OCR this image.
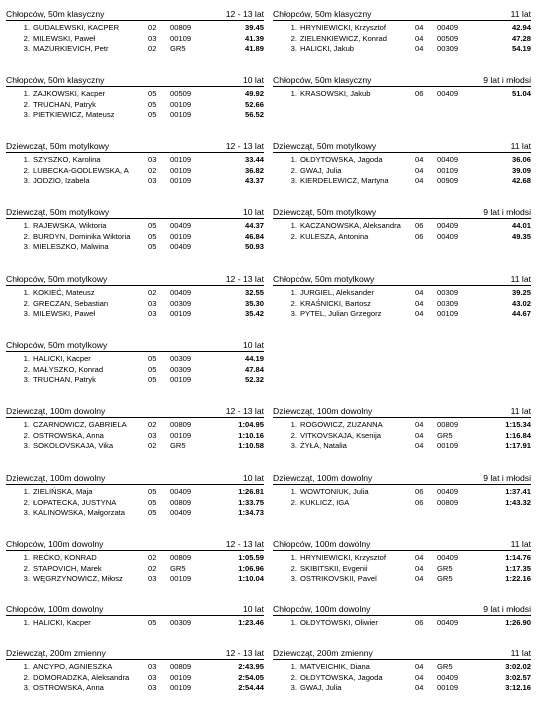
Chłopców, 50m klasyczny	12 - 13 lat
1. GUDALEWSKI, KACPER	02 00809	39.45
2. MILEWSKI, Paweł	03 00109	41.39
3. MAZURKIEVICH, Petr	02 GR5	41.89
Chłopców, 50m klasyczny	11 lat
1. HRYNIEWICKI, Krzysztof	04 00409	42.94
2. ZIELENKIEWICZ, Konrad	04 00509	47.28
3. HALICKI, Jakub	04 00309	54.19
Chłopców, 50m klasyczny	10 lat
1. ZAJKOWSKI, Kacper	05 00509	49.92
2. TRUCHAN, Patryk	05 00109	52.66
3. PIETKIEWICZ, Mateusz	05 00109	56.52
Chłopców, 50m klasyczny	9 lat i młodsi
1. KRASOWSKI, Jakub	06 00409	51.04
Dziewcząt, 50m motylkowy	12 - 13 lat
1. SZYSZKO, Karolina	03 00109	33.44
2. LUBECKA-GODLEWSKA, A	02 00109	36.82
3. JODZIO, Izabela	03 00109	43.37
Dziewcząt, 50m motylkowy	11 lat
1. OŁDYTOWSKA, Jagoda	04 00409	36.06
2. GWAJ, Julia	04 00109	39.09
3. KIERDELEWICZ, Martyna	04 00909	42.68
Dziewcząt, 50m motylkowy	10 lat
1. RAJEWSKA, Wiktoria	05 00409	44.37
2. BURDYN, Dominika Wiktoria 05 00109	46.84
3. MIELESZKO, Malwina	05 00409	50.93
Dziewcząt, 50m motylkowy	9 lat i młodsi
1. KACZANOWSKA, Aleksandra 06 00409	44.01
2. KULESZA, Antonina	06 00409	49.35
Chłopców, 50m motylkowy	12 - 13 lat
1. KOKIEĆ, Mateusz	02 00409	32.55
2. GRECZAN, Sebastian	03 00309	35.30
3. MILEWSKI, Paweł	03 00109	35.42
Chłopców, 50m motylkowy	11 lat
1. JURGIEL, Aleksander	04 00309	39.25
2. KRAŚNICKI, Bartosz	04 00309	43.02
3. PYTEL, Julian Grzegorz	04 00109	44.67
Chłopców, 50m motylkowy	10 lat
1. HALICKI, Kacper	05 00309	44.19
2. MAŁYSZKO, Konrad	05 00309	47.84
3. TRUCHAN, Patryk	05 00109	52.32
Dziewcząt, 100m dowolny	12 - 13 lat
1. CZARNOWICZ, GABRIELA	02 00809	1:04.95
2. OSTROWSKA, Anna	03 00109	1:10.16
3. SOKOLOVSKAJA, Vika	02 GR5	1:10.58
Dziewcząt, 100m dowolny	11 lat
1. ROGOWICZ, ZUZANNA	04 00809	1:15.34
2. VITKOVSKAJA, Ksenija	04 GR5	1:16.84
3. ŻYŁA, Natalia	04 00109	1:17.91
Dziewcząt, 100m dowolny	10 lat
1. ZIELIŃSKA, Maja	05 00409	1:26.81
2. ŁOPATECKA, JUSTYNA	05 00809	1:33.75
3. KALINOWSKA, Małgorzata	05 00409	1:34.73
Dziewcząt, 100m dowolny	9 lat i młodsi
1. WOWTONIUK, Julia	06 00409	1:37.41
2. KUKLICZ, IGA	06 00809	1:43.32
Chłopców, 100m dowolny	12 - 13 lat
1. REĆKO, KONRAD	02 00809	1:05.59
2. STAPOVICH, Marek	02 GR5	1:06.96
3. WĘGRZYNOWICZ, Miłosz	03 00109	1:10.04
Chłopców, 100m dowolny	11 lat
1. HRYNIEWICKI, Krzysztof	04 00409	1:14.76
2. SKIBITSKII, Evgenii	04 GR5	1:17.35
3. OSTRIKOVSKII, Pavel	04 GR5	1:22.16
Chłopców, 100m dowolny	10 lat
1. HALICKI, Kacper	05 00309	1:23.46
Chłopców, 100m dowolny	9 lat i młodsi
1. OŁDYTOWSKI, Oliwier	06 00409	1:26.90
Dziewcząt, 200m zmienny	12 - 13 lat
1. ANCYPO, AGNIESZKA	03 00809	2:43.95
2. DOMORADZKA, Aleksandra 03 00109	2:54.05
3. OSTROWSKA, Anna	03 00109	2:54.44
Dziewcząt, 200m zmienny	11 lat
1. MATVEICHIK, Diana	04 GR5	3:02.02
2. OŁDYTOWSKA, Jagoda	04 00409	3:02.57
3. GWAJ, Julia	04 00109	3:12.16
